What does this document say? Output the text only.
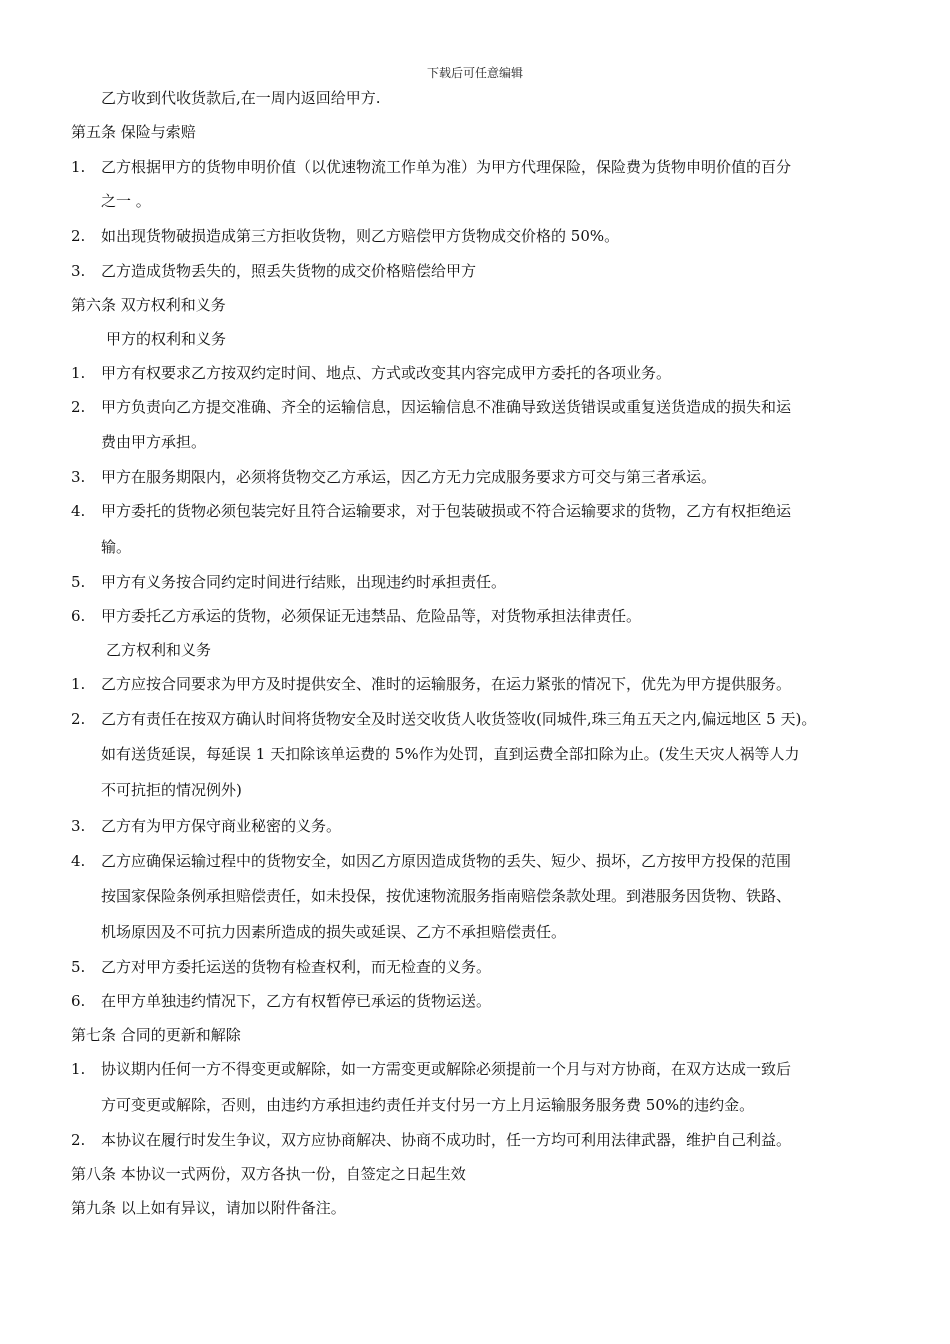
下载后可任意编辑
乙方收到代收货款后,在一周内返回给甲方.
第五条 保险与索赔
1. 乙方根据甲方的货物申明价值（以优速物流工作单为准）为甲方代理保险，保险费为货物申明价值的百分
之一 。
2. 如出现货物破损造成第三方拒收货物，则乙方赔偿甲方货物成交价格的 50%。
3. 乙方造成货物丢失的，照丢失货物的成交价格赔偿给甲方
第六条 双方权利和义务
甲方的权利和义务
1. 甲方有权要求乙方按双约定时间、地点、方式或改变其内容完成甲方委托的各项业务。
2. 甲方负责向乙方提交准确、齐全的运输信息，因运输信息不准确导致送货错误或重复送货造成的损失和运
费由甲方承担。
3. 甲方在服务期限内，必须将货物交乙方承运，因乙方无力完成服务要求方可交与第三者承运。
4. 甲方委托的货物必须包装完好且符合运输要求，对于包装破损或不符合运输要求的货物，乙方有权拒绝运
输。
5. 甲方有义务按合同约定时间进行结账，出现违约时承担责任。
6. 甲方委托乙方承运的货物，必须保证无违禁品、危险品等，对货物承担法律责任。
乙方权利和义务
1. 乙方应按合同要求为甲方及时提供安全、准时的运输服务，在运力紧张的情况下，优先为甲方提供服务。
2. 乙方有责任在按双方确认时间将货物安全及时送交收货人收货签收(同城件,珠三角五天之内,偏远地区 5 天)。
如有送货延误，每延误 1 天扣除该单运费的 5%作为处罚，直到运费全部扣除为止。(发生天灾人祸等人力
不可抗拒的情况例外)
3. 乙方有为甲方保守商业秘密的义务。
4. 乙方应确保运输过程中的货物安全，如因乙方原因造成货物的丢失、短少、损坏，乙方按甲方投保的范围
按国家保险条例承担赔偿责任，如未投保，按优速物流服务指南赔偿条款处理。到港服务因货物、铁路、
机场原因及不可抗力因素所造成的损失或延误、乙方不承担赔偿责任。
5. 乙方对甲方委托运送的货物有检查权利，而无检查的义务。
6. 在甲方单独违约情况下，乙方有权暂停已承运的货物运送。
第七条 合同的更新和解除
1. 协议期内任何一方不得变更或解除，如一方需变更或解除必须提前一个月与对方协商，在双方达成一致后
方可变更或解除，否则，由违约方承担违约责任并支付另一方上月运输服务服务费 50%的违约金。
2. 本协议在履行时发生争议，双方应协商解决、协商不成功时，任一方均可利用法律武器，维护自己利益。
第八条 本协议一式两份，双方各执一份，自签定之日起生效
第九条 以上如有异议，请加以附件备注。
